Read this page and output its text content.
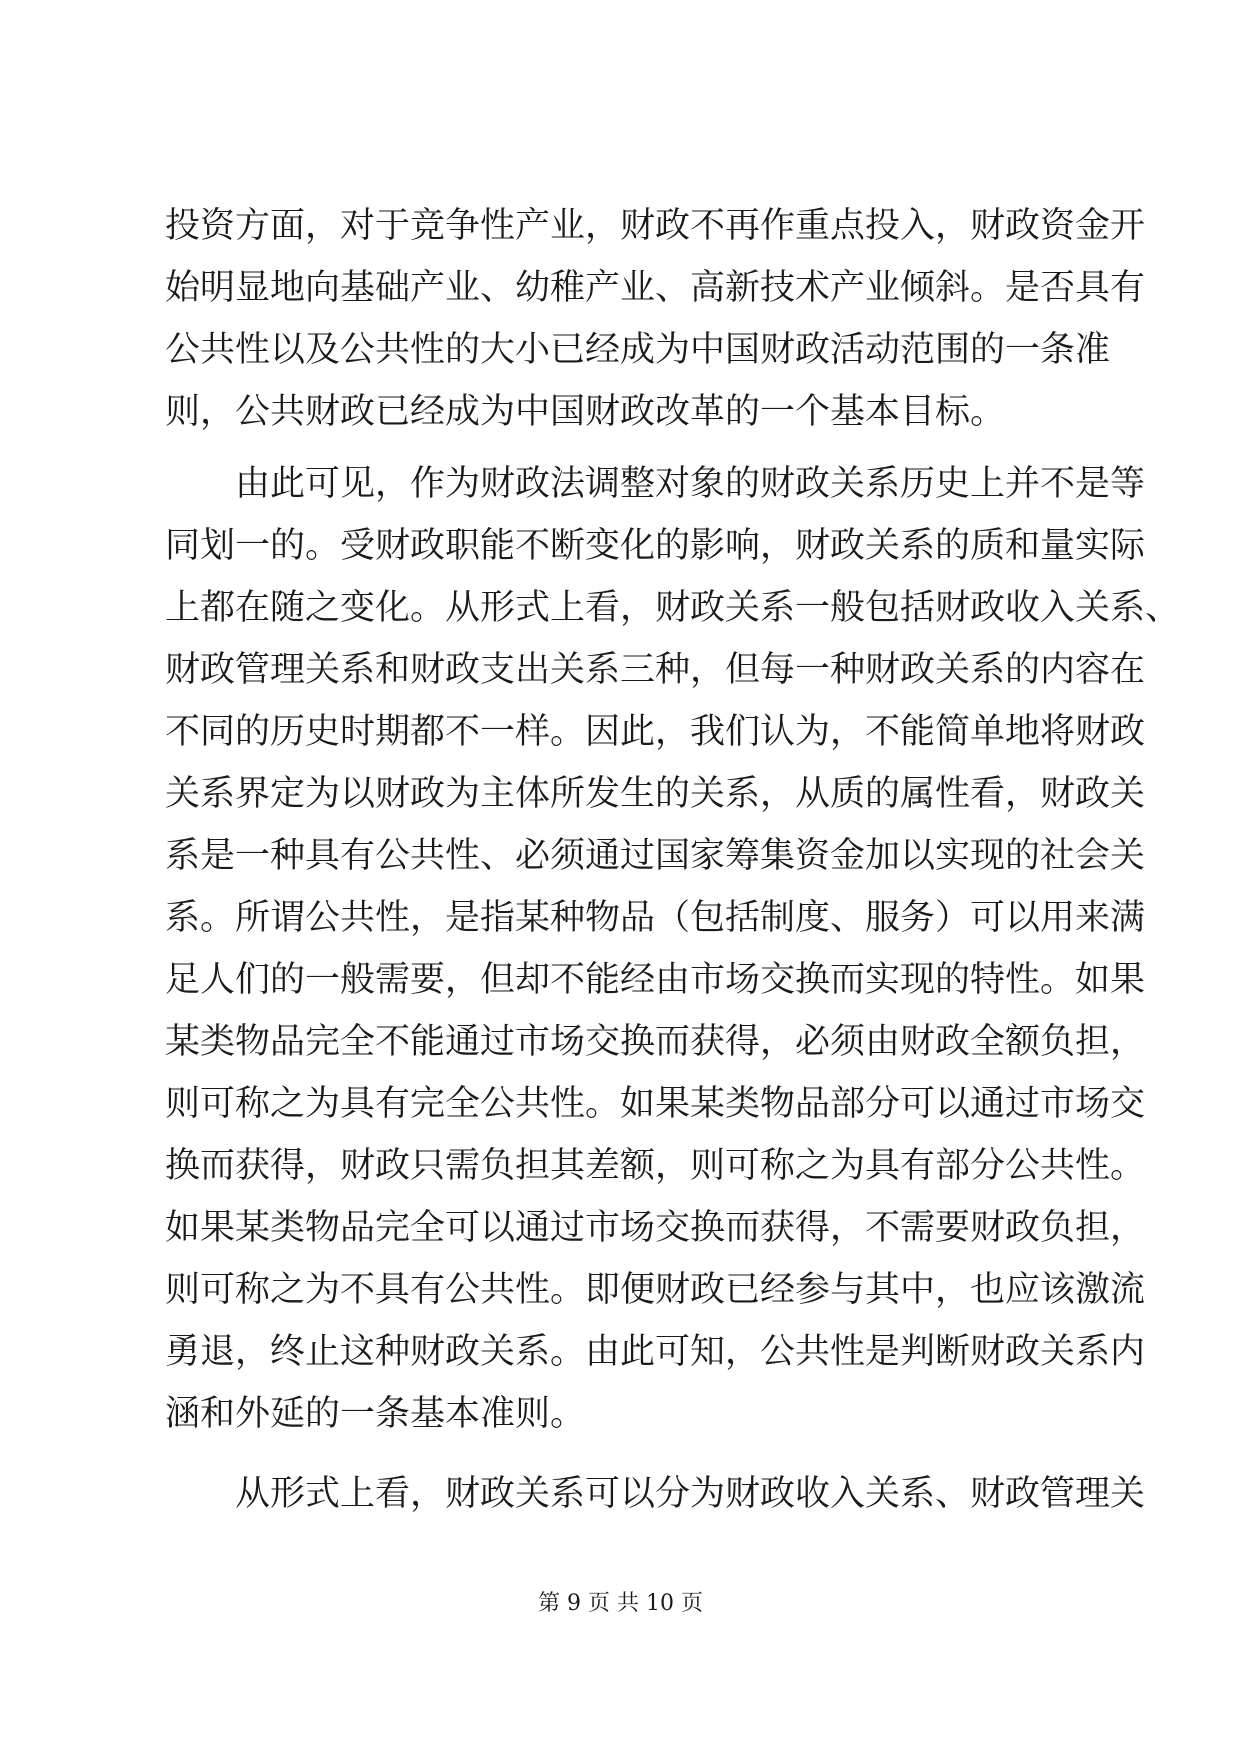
投资方面，对于竞争性产业，财政不再作重点投入，财政资金开
始明显地向基础产业、幼稚产业、高新技术产业倾斜。是否具有
公共性以及公共性的大小已经成为中国财政活动范围的一条准
则，公共财政已经成为中国财政改革的一个基本目标。
由此可见，作为财政法调整对象的财政关系历史上并不是等
同划一的。受财政职能不断变化的影响，财政关系的质和量实际
上都在随之变化。从形式上看，财政关系一般包括财政收入关系、
财政管理关系和财政支出关系三种，但每一种财政关系的内容在
不同的历史时期都不一样。因此，我们认为，不能简单地将财政
关系界定为以财政为主体所发生的关系，从质的属性看，财政关
系是一种具有公共性、必须通过国家筹集资金加以实现的社会关
系。所谓公共性，是指某种物品（包括制度、服务）可以用来满
足人们的一般需要，但却不能经由市场交换而实现的特性。如果
某类物品完全不能通过市场交换而获得，必须由财政全额负担，
则可称之为具有完全公共性。如果某类物品部分可以通过市场交
换而获得，财政只需负担其差额，则可称之为具有部分公共性。
如果某类物品完全可以通过市场交换而获得，不需要财政负担，
则可称之为不具有公共性。即便财政已经参与其中，也应该激流
勇退，终止这种财政关系。由此可知，公共性是判断财政关系内
涵和外延的一条基本准则。
从形式上看，财政关系可以分为财政收入关系、财政管理关
第 9 页 共 10 页
